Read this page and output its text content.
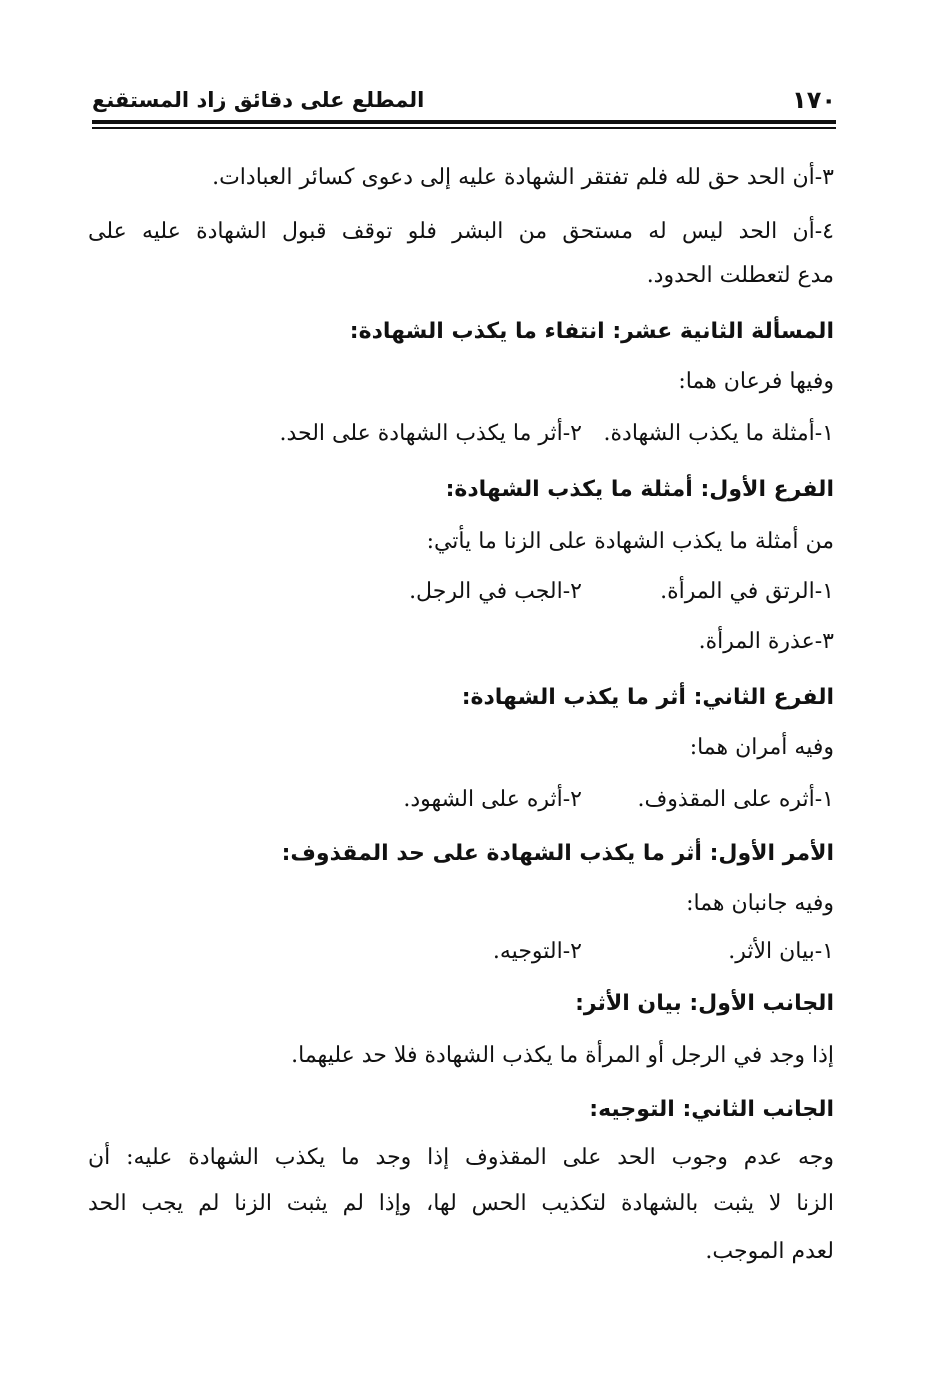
١٧٠
المطلع على دقائق زاد المستقنع
٣-أن الحد حق لله فلم تفتقر الشهادة عليه إلى دعوى كسائر العبادات.
٤-أن الحد ليس له مستحق من البشر فلو توقف قبول الشهادة عليه على
مدع لتعطلت الحدود.
المسألة الثانية عشر: انتفاء ما يكذب الشهادة:
وفيها فرعان هما:
١-أمثلة ما يكذب الشهادة.
٢-أثر ما يكذب الشهادة على الحد.
الفرع الأول: أمثلة ما يكذب الشهادة:
من أمثلة ما يكذب الشهادة على الزنا ما يأتي:
١-الرتق في المرأة.
٢-الجب في الرجل.
٣-عذرة المرأة.
الفرع الثاني: أثر ما يكذب الشهادة:
وفيه أمران هما:
١-أثره على المقذوف.
٢-أثره على الشهود.
الأمر الأول: أثر ما يكذب الشهادة على حد المقذوف:
وفيه جانبان هما:
١-بيان الأثر.
٢-التوجيه.
الجانب الأول: بيان الأثر:
إذا وجد في الرجل أو المرأة ما يكذب الشهادة فلا حد عليهما.
الجانب الثاني: التوجيه:
وجه عدم وجوب الحد على المقذوف إذا وجد ما يكذب الشهادة عليه: أن
الزنا لا يثبت بالشهادة لتكذيب الحس لها، وإذا لم يثبت الزنا لم يجب الحد
لعدم الموجب.
